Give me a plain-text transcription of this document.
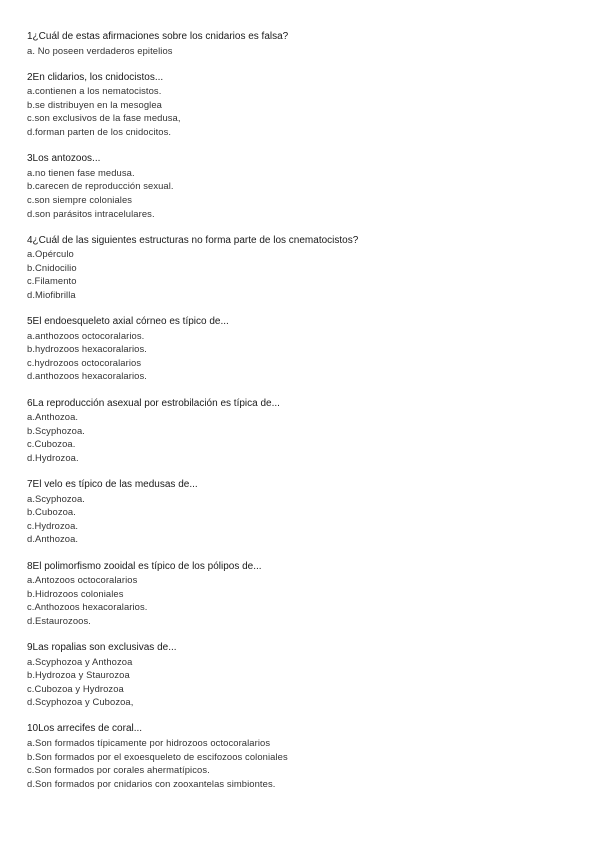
1¿Cuál de estas afirmaciones sobre los cnidarios es falsa?
a. No poseen verdaderos epitelios
2En clidarios, los cnidocistos...
a.contienen a los nematocistos.
b.se distribuyen en la mesoglea
c.son exclusivos de la fase medusa,
d.forman parten de los cnidocitos.
3Los antozoos...
a.no tienen fase medusa.
b.carecen de reproducción sexual.
c.son siempre coloniales
d.son parásitos intracelulares.
4¿Cuál de las siguientes estructuras no forma parte de los cnematocistos?
a.Opérculo
b.Cnidocilio
c.Filamento
d.Miofibrilla
5El endoesqueleto axial córneo es típico de...
a.anthozoos octocoralarios.
b.hydrozoos hexacoralarios.
c.hydrozoos octocoralarios
d.anthozoos hexacoralarios.
6La reproducción asexual por estrobilación es típica de...
a.Anthozoa.
b.Scyphozoa.
c.Cubozoa.
d.Hydrozoa.
7El velo es típico de las medusas de...
a.Scyphozoa.
b.Cubozoa.
c.Hydrozoa.
d.Anthozoa.
8El polimorfismo zooidal es típico de los pólipos de...
a.Antozoos octocoralarios
b.Hidrozoos coloniales
c.Anthozoos hexacoralarios.
d.Estaurozoos.
9Las ropalias son exclusivas de...
a.Scyphozoa y Anthozoa
b.Hydrozoa y Staurozoa
c.Cubozoa y Hydrozoa
d.Scyphozoa y Cubozoa,
10Los arrecifes de coral...
a.Son formados típicamente por hidrozoos octocoralarios
b.Son formados por el exoesqueleto de escifozoos coloniales
c.Son formados por corales ahermatípicos.
d.Son formados por cnidarios con zooxantelas simbiontes.
